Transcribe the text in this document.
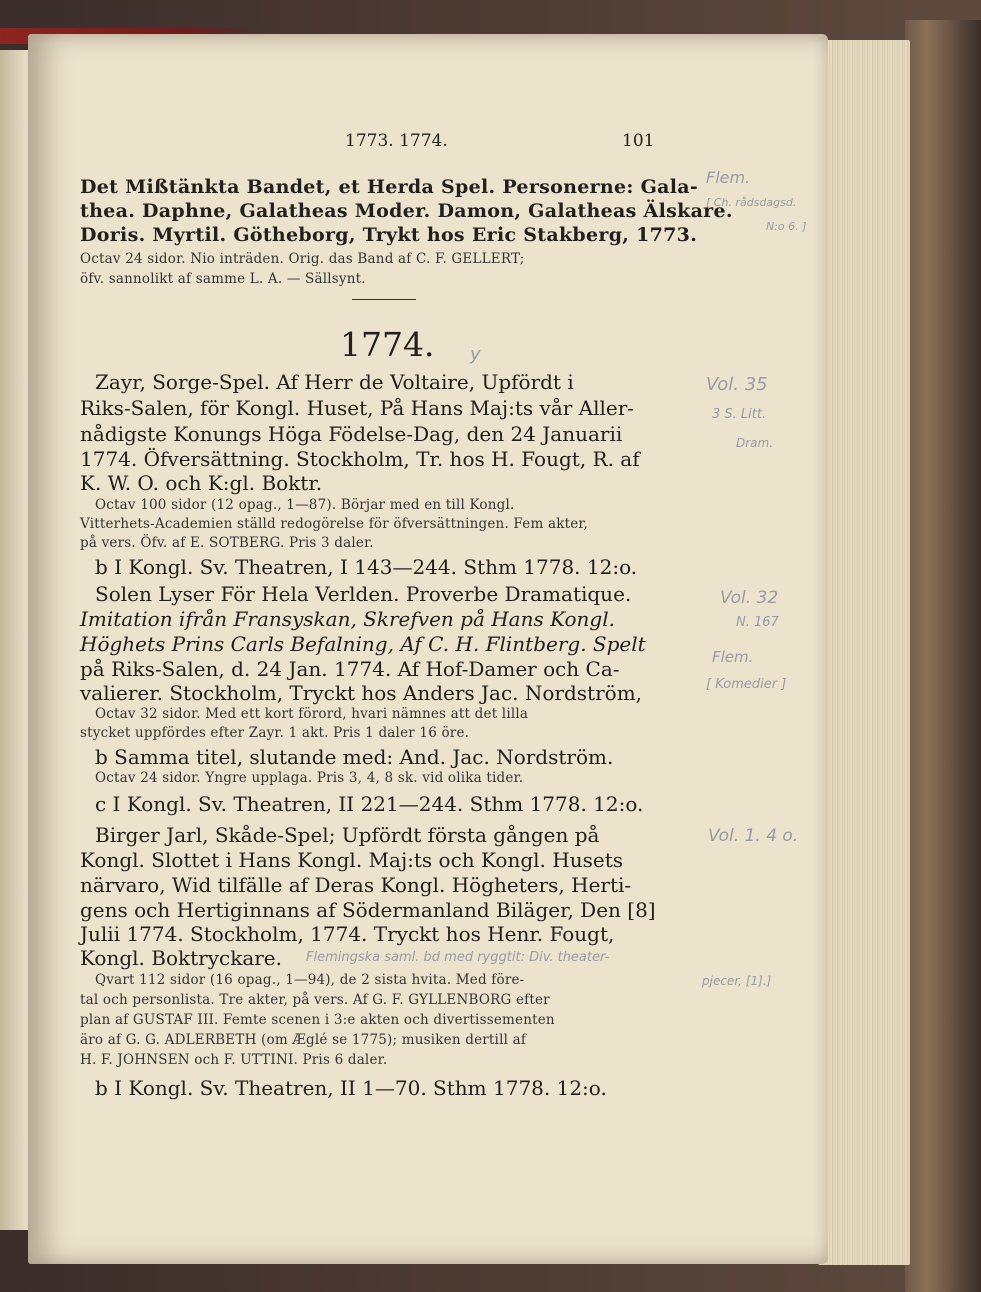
1773. 1774.	101
Det Mißtänkta Bandet, et Herda Spel. Personerne: Gala-
thea. Daphne, Galatheas Moder. Damon, Galatheas Älskare.
Doris. Myrtil. Götheborg, Trykt hos Eric Stakberg, 1773.
Octav 24 sidor. Nio inträden. Orig. das Band af C. F. GELLERT;
öfv. sannolikt af samme L. A. — Sällsynt.
1774.
Zayr, Sorge-Spel. Af Herr de Voltaire, Upfördt i
Riks-Salen, för Kongl. Huset, På Hans Maj:ts vår Aller-
nådigste Konungs Höga Födelse-Dag, den 24 Januarii
1774. Öfversättning. Stockholm, Tr. hos H. Fougt, R. af
K. W. O. och K:gl. Boktr.
Octav 100 sidor (12 opag., 1—87). Börjar med en till Kongl.
Vitterhets-Academien ställd redogörelse för öfversättningen. Fem akter,
på vers. Öfv. af E. SOTBERG. Pris 3 daler.
b I Kongl. Sv. Theatren, I 143—244. Sthm 1778. 12:o.
Solen Lyser För Hela Verlden. Proverbe Dramatique.
Imitation ifrån Fransyskan, Skrefven på Hans Kongl.
Höghets Prins Carls Befalning, Af C. H. Flintberg. Spelt
på Riks-Salen, d. 24 Jan. 1774. Af Hof-Damer och Ca-
valierer. Stockholm, Tryckt hos Anders Jac. Nordström,
Octav 32 sidor. Med ett kort förord, hvari nämnes att det lilla
stycket uppfördes efter Zayr. 1 akt. Pris 1 daler 16 öre.
b Samma titel, slutande med: And. Jac. Nordström.
Octav 24 sidor. Yngre upplaga. Pris 3, 4, 8 sk. vid olika tider.
c I Kongl. Sv. Theatren, II 221—244. Sthm 1778. 12:o.
Birger Jarl, Skåde-Spel; Upfördt första gången på
Kongl. Slottet i Hans Kongl. Maj:ts och Kongl. Husets
närvaro, Wid tilfälle af Deras Kongl. Högheters, Herti-
gens och Hertiginnans af Södermanland Biläger, Den [8]
Julii 1774. Stockholm, 1774. Tryckt hos Henr. Fougt,
Kongl. Boktryckare.
Qvart 112 sidor (16 opag., 1—94), de 2 sista hvita. Med före-
tal och personlista. Tre akter, på vers. Af G. F. GYLLENBORG efter
plan af GUSTAF III. Femte scenen i 3:e akten och divertissementen
äro af G. G. ADLERBETH (om Æglé se 1775); musiken dertill af
H. F. JOHNSEN och F. UTTINI. Pris 6 daler.
b I Kongl. Sv. Theatren, II 1—70. Sthm 1778. 12:o.
Flem.
[ Ch. rådsdagsd.
N:o 6. ]
y
Vol. 35
3 S. Litt.
Dram.
Vol. 32
N. 167
Flem.
[ Komedier ]
Vol. 1. 4 o.
Flemingska saml. bd med ryggtit: Div. theater-
pjecer, [1].]
